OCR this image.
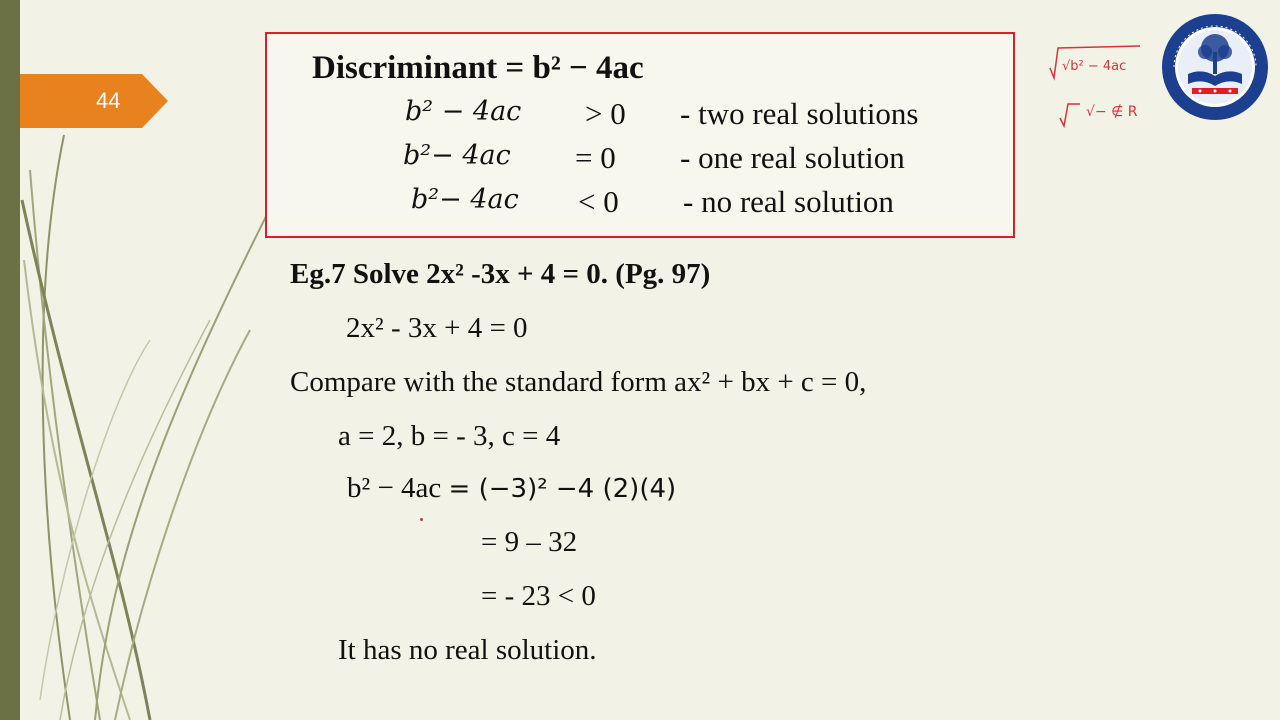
44
Discriminant = b² − 4ac
b² − 4ac > 0 - two real solutions
b²− 4ac = 0 - one real solution
b²− 4ac < 0 - no real solution
Eg.7 Solve 2x² -3x + 4 = 0. (Pg. 97)
2x² - 3x + 4 = 0
Compare with the standard form ax² + bx + c = 0,
a = 2, b = - 3, c = 4
b² − 4ac = (−3)² −4 (2)(4)
= 9 – 32
= - 23 < 0
It has no real solution.
√b² − 4ac
√− ∉ R
